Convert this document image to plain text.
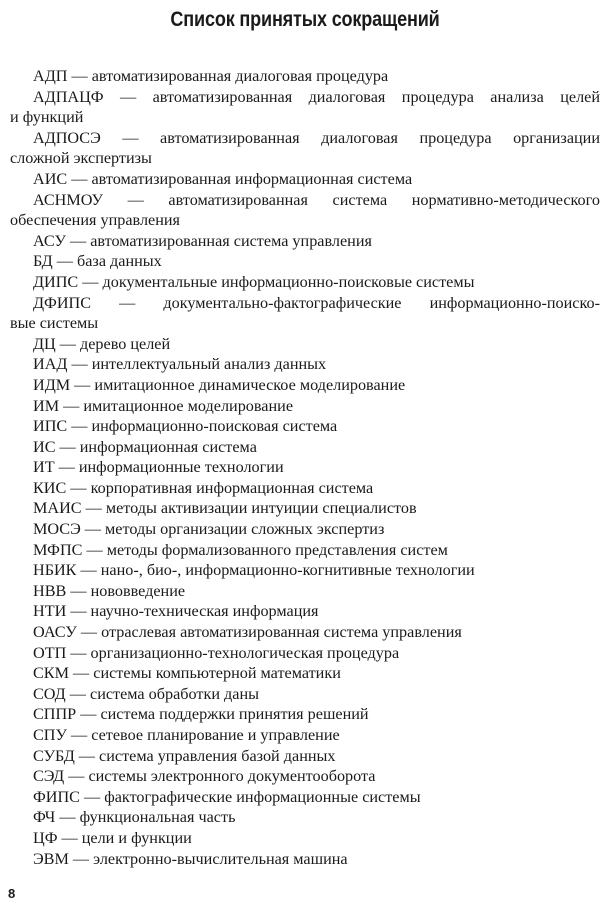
Список принятых сокращений
АДП — автоматизированная диалоговая процедура
АДПАЦФ — автоматизированная диалоговая процедура анализа целей
и функций
АДПОСЭ — автоматизированная диалоговая процедура организации
сложной экспертизы
АИС — автоматизированная информационная система
АСНМОУ — автоматизированная система нормативно-методического
обеспечения управления
АСУ — автоматизированная система управления
БД — база данных
ДИПС — документальные информационно-поисковые системы
ДФИПС — документально-фактографические информационно-поиско-
вые системы
ДЦ — дерево целей
ИАД — интеллектуальный анализ данных
ИДМ — имитационное динамическое моделирование
ИМ — имитационное моделирование
ИПС — информационно-поисковая система
ИС — информационная система
ИТ — информационные технологии
КИС — корпоративная информационная система
МАИС — методы активизации интуиции специалистов
МОСЭ — методы организации сложных экспертиз
МФПС — методы формализованного представления систем
НБИК — нано-, био-, информационно-когнитивные технологии
НВВ — нововведение
НТИ — научно-техническая информация
ОАСУ — отраслевая автоматизированная система управления
ОТП — организационно-технологическая процедура
СКМ — системы компьютерной математики
СОД — система обработки даны
СППР — система поддержки принятия решений
СПУ — сетевое планирование и управление
СУБД — система управления базой данных
СЭД — системы электронного документооборота
ФИПС — фактографические информационные системы
ФЧ — функциональная часть
ЦФ — цели и функции
ЭВМ — электронно-вычислительная машина
8
